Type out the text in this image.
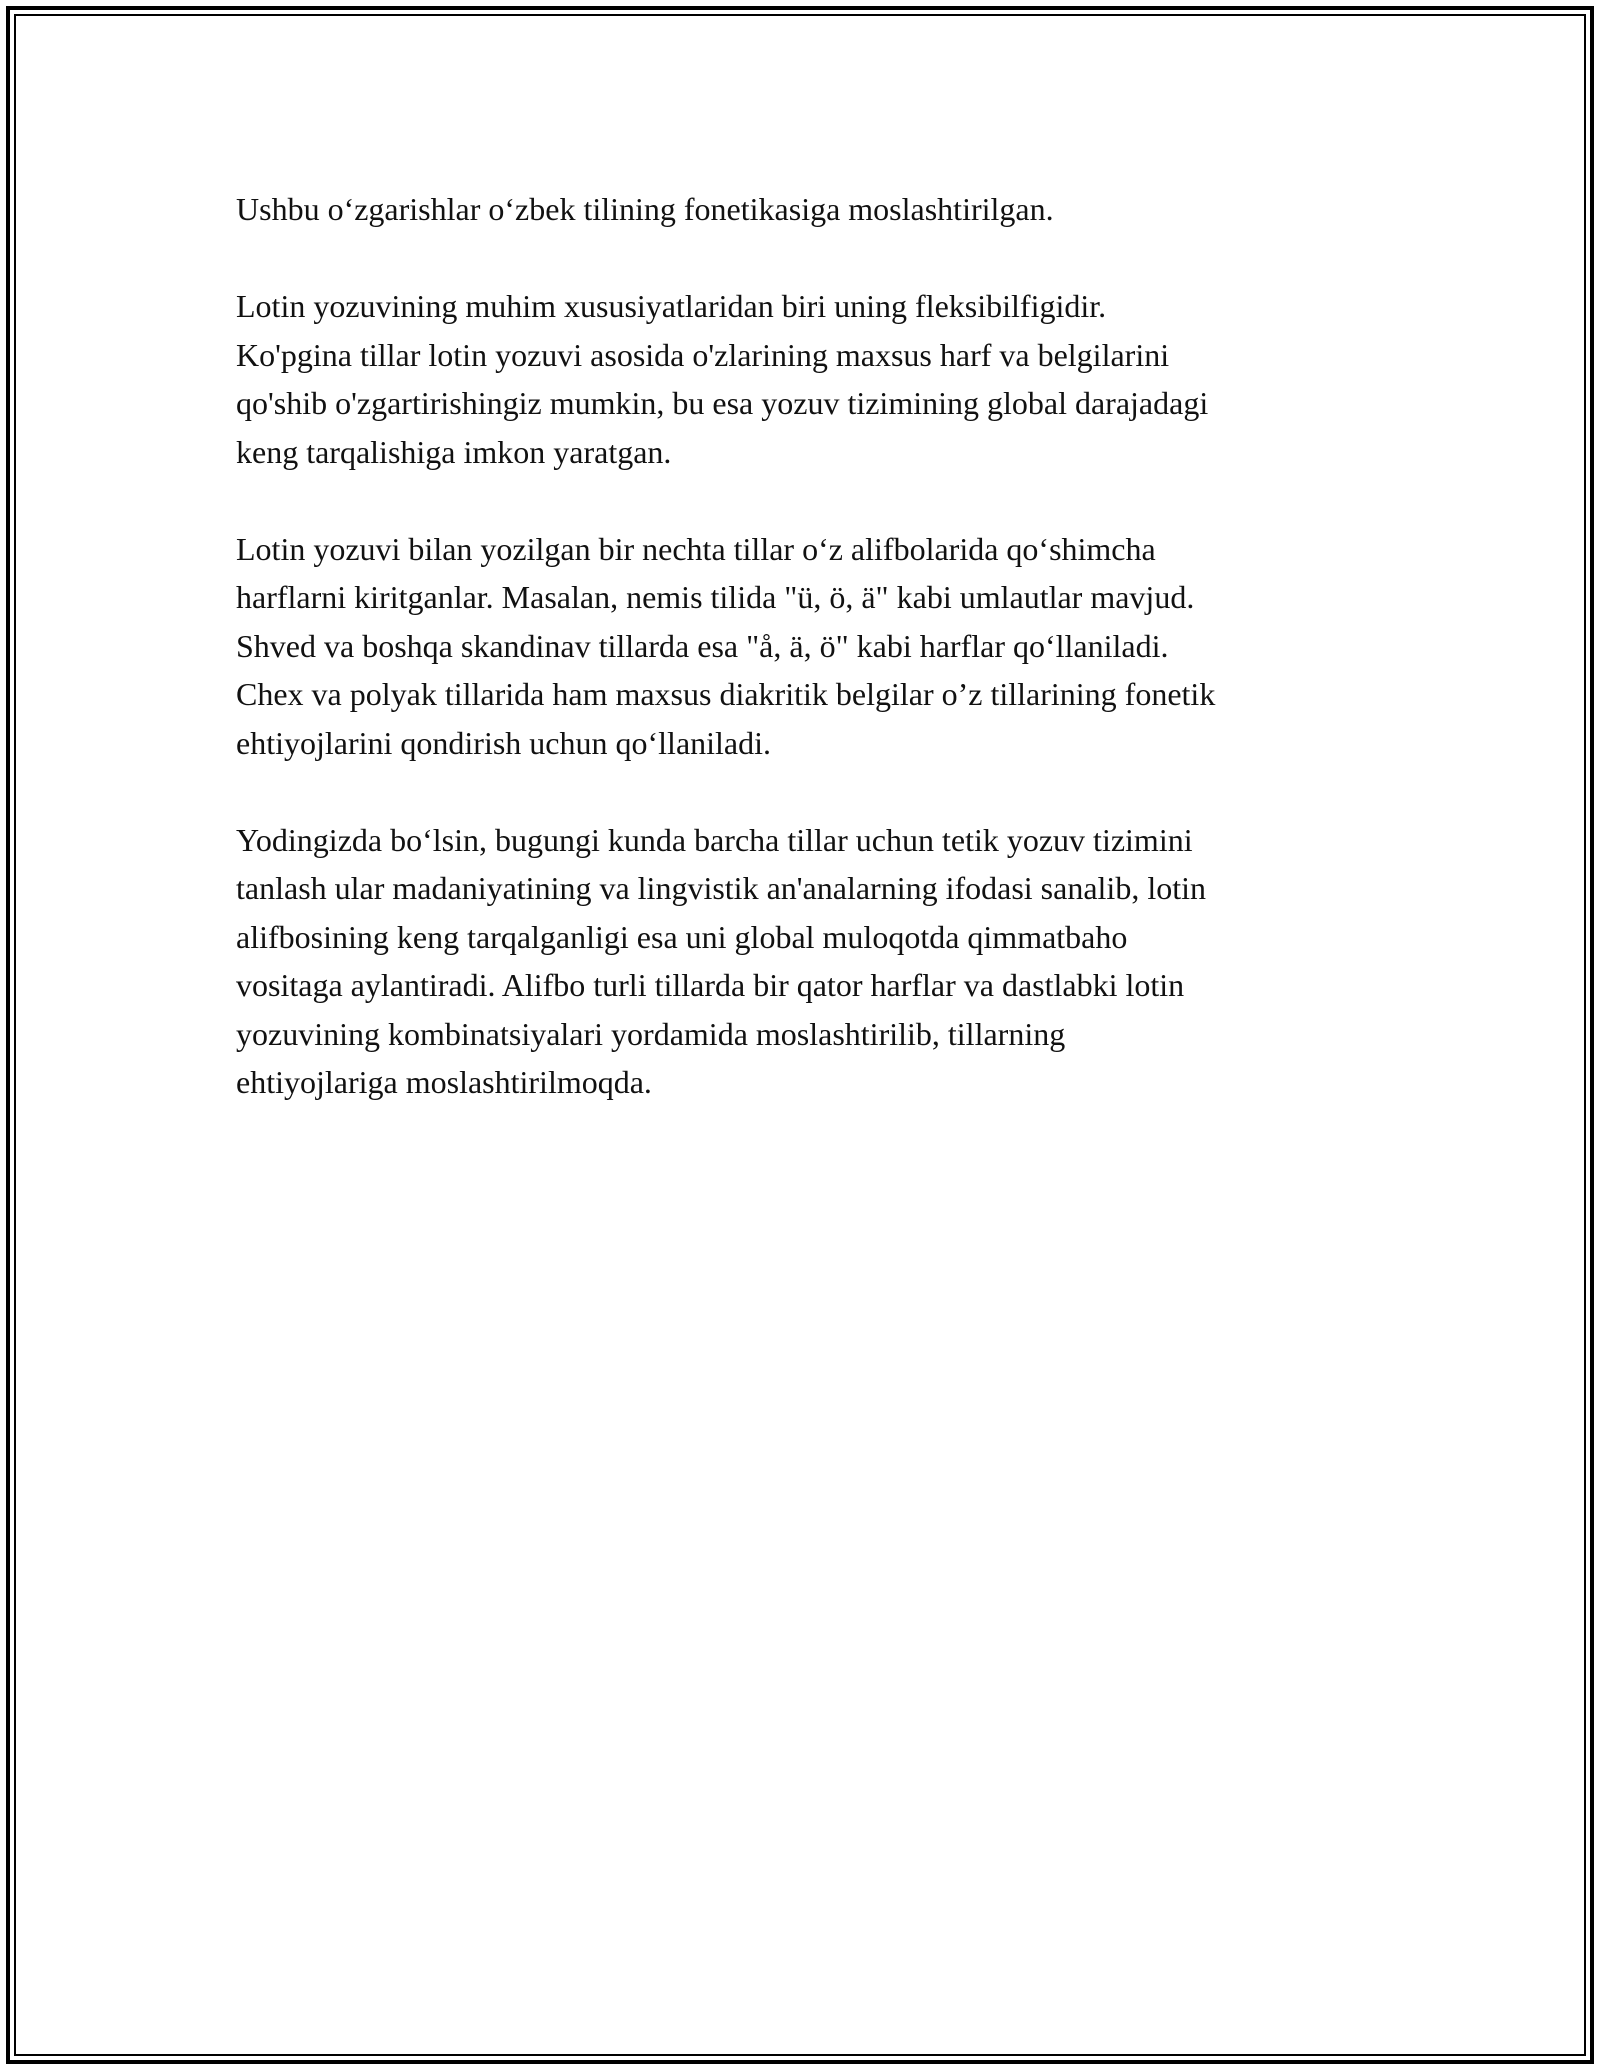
Ushbu o‘zgarishlar o‘zbek tilining fonetikasiga moslashtirilgan.
Lotin yozuvining muhim xususiyatlaridan biri uning fleksibilfigidir.
Ko'pgina tillar lotin yozuvi asosida o'zlarining maxsus harf va belgilarini
qo'shib o'zgartirishingiz mumkin, bu esa yozuv tizimining global darajadagi
keng tarqalishiga imkon yaratgan.
Lotin yozuvi bilan yozilgan bir nechta tillar o‘z alifbolarida qo‘shimcha
harflarni kiritganlar. Masalan, nemis tilida "ü, ö, ä" kabi umlautlar mavjud.
Shved va boshqa skandinav tillarda esa "å, ä, ö" kabi harflar qo‘llaniladi.
Chex va polyak tillarida ham maxsus diakritik belgilar o’z tillarining fonetik
ehtiyojlarini qondirish uchun qo‘llaniladi.
Yodingizda bo‘lsin, bugungi kunda barcha tillar uchun tetik yozuv tizimini
tanlash ular madaniyatining va lingvistik an'analarning ifodasi sanalib, lotin
alifbosining keng tarqalganligi esa uni global muloqotda qimmatbaho
vositaga aylantiradi. Alifbo turli tillarda bir qator harflar va dastlabki lotin
yozuvining kombinatsiyalari yordamida moslashtirilib, tillarning
ehtiyojlariga moslashtirilmoqda.
